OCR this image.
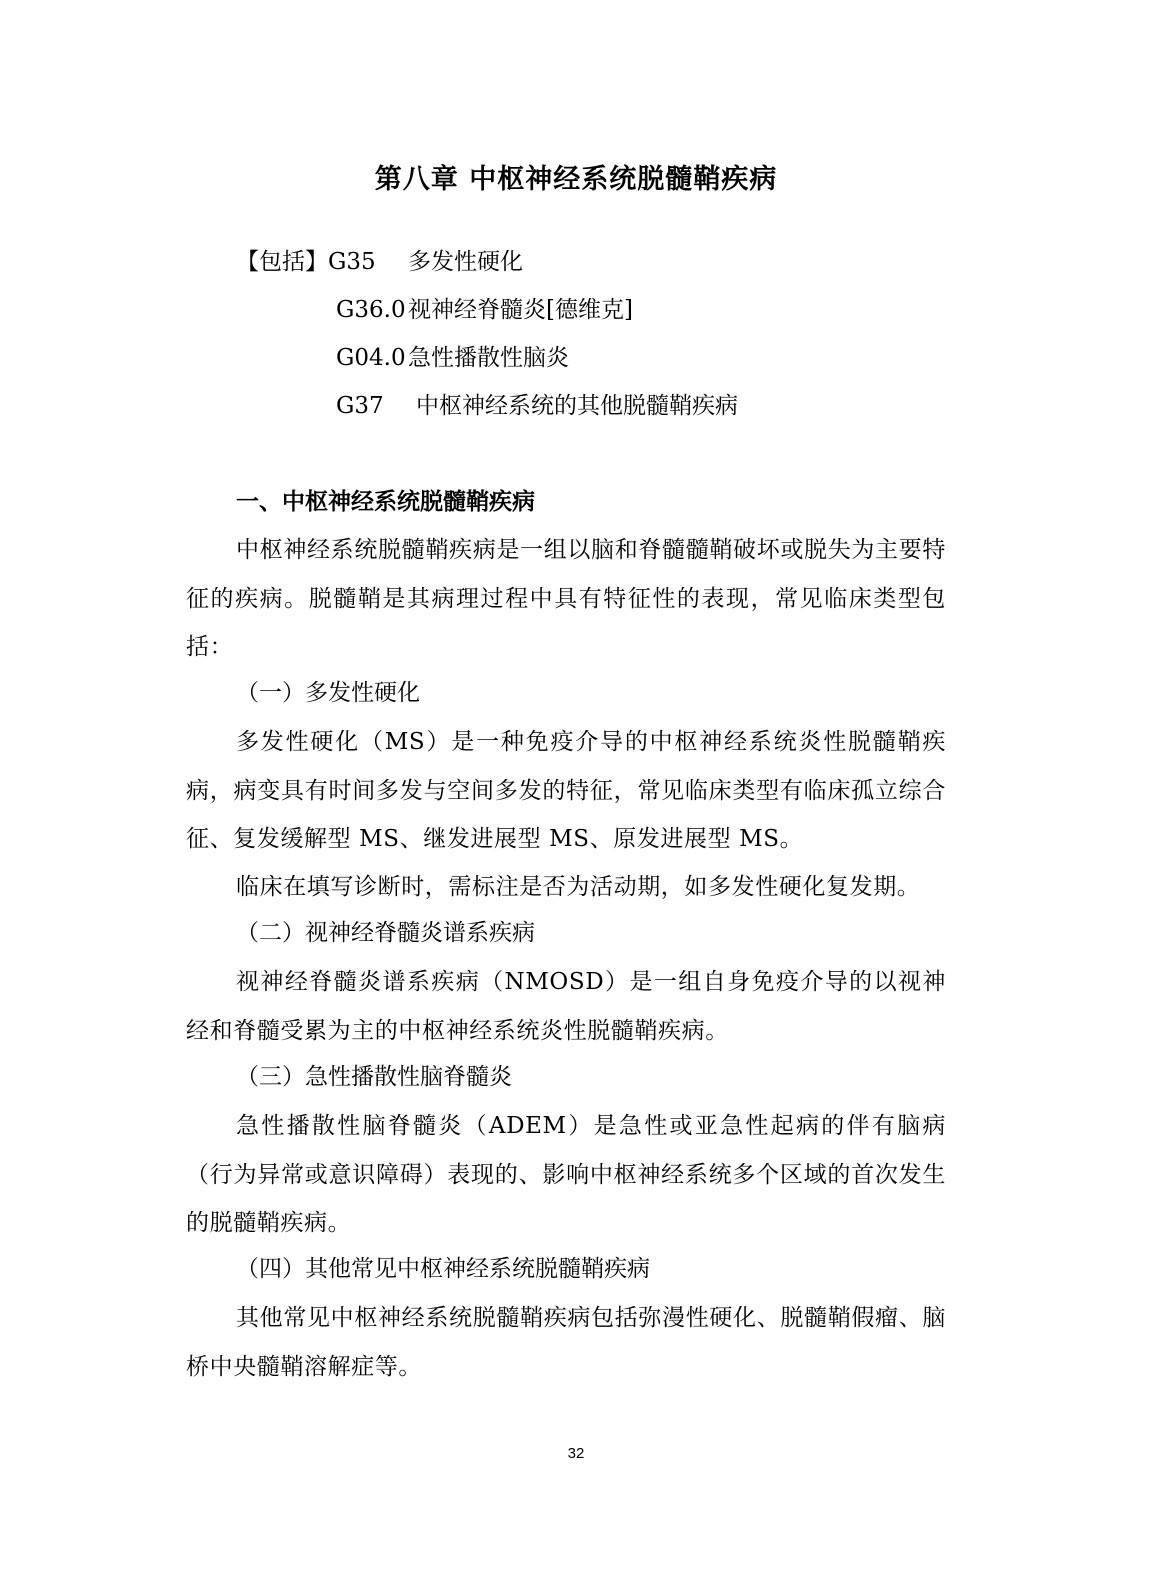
第八章 中枢神经系统脱髓鞘疾病
【包括】G35 多发性硬化
G36.0 视神经脊髓炎[德维克]
G04.0 急性播散性脑炎
G37 中枢神经系统的其他脱髓鞘疾病
一、中枢神经系统脱髓鞘疾病
中枢神经系统脱髓鞘疾病是一组以脑和脊髓髓鞘破坏或脱失为主要特征的疾病。脱髓鞘是其病理过程中具有特征性的表现，常见临床类型包括：
（一）多发性硬化
多发性硬化（MS）是一种免疫介导的中枢神经系统炎性脱髓鞘疾病，病变具有时间多发与空间多发的特征，常见临床类型有临床孤立综合征、复发缓解型 MS、继发进展型 MS、原发进展型 MS。
临床在填写诊断时，需标注是否为活动期，如多发性硬化复发期。
（二）视神经脊髓炎谱系疾病
视神经脊髓炎谱系疾病（NMOSD）是一组自身免疫介导的以视神经和脊髓受累为主的中枢神经系统炎性脱髓鞘疾病。
（三）急性播散性脑脊髓炎
急性播散性脑脊髓炎（ADEM）是急性或亚急性起病的伴有脑病（行为异常或意识障碍）表现的、影响中枢神经系统多个区域的首次发生的脱髓鞘疾病。
（四）其他常见中枢神经系统脱髓鞘疾病
其他常见中枢神经系统脱髓鞘疾病包括弥漫性硬化、脱髓鞘假瘤、脑桥中央髓鞘溶解症等。
32
